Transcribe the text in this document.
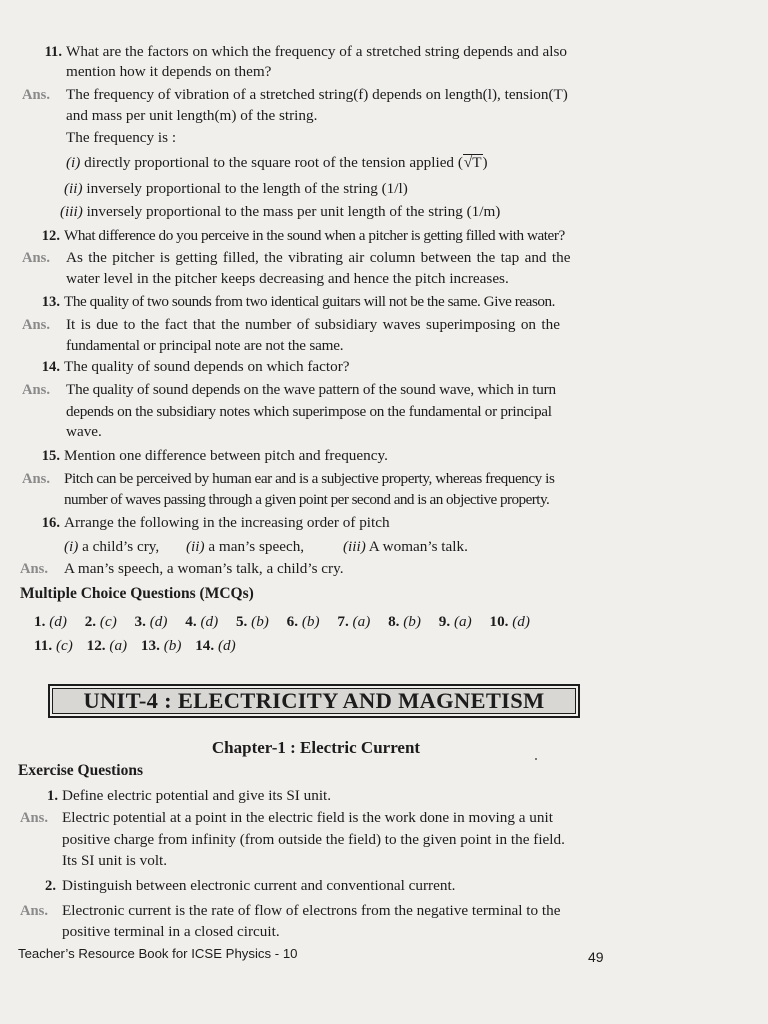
11. What are the factors on which the frequency of a stretched string depends and also
mention how it depends on them?
Ans.	The frequency of vibration of a stretched string(f) depends on length(l), tension(T)
and mass per unit length(m) of the string.
The frequency is :
(i) directly proportional to the square root of the tension applied (√T)
(ii) inversely proportional to the length of the string (1/l)
(iii) inversely proportional to the mass per unit length of the string (1/m)
12. What difference do you perceive in the sound when a pitcher is getting filled with water?
Ans.	As the pitcher is getting filled, the vibrating air column between the tap and the
water level in the pitcher keeps decreasing and hence the pitch increases.
13. The quality of two sounds from two identical guitars will not be the same. Give reason.
Ans.	It is due to the fact that the number of subsidiary waves superimposing on the
fundamental or principal note are not the same.
14. The quality of sound depends on which factor?
Ans.	The quality of sound depends on the wave pattern of the sound wave, which in turn
depends on the subsidiary notes which superimpose on the fundamental or principal
wave.
15. Mention one difference between pitch and frequency.
Ans. Pitch can be perceived by human ear and is a subjective property, whereas frequency is
number of waves passing through a given point per second and is an objective property.
16. Arrange the following in the increasing order of pitch
(i) a child’s cry, (ii) a man’s speech,	(iii) A woman’s talk.
Ans.	A man’s speech, a woman’s talk, a child’s cry.
Multiple Choice Questions (MCQs)
1. (d) 2. (c) 3. (d) 4. (d) 5. (b) 6. (b) 7. (a) 8. (b) 9. (a) 10. (d)
11. (c) 12. (a) 13. (b) 14. (d)
UNIT-4 : ELECTRICITY AND MAGNETISM
Chapter-1 : Electric Current
Exercise Questions
1. Define electric potential and give its SI unit.
Ans. Electric potential at a point in the electric field is the work done in moving a unit
positive charge from infinity (from outside the field) to the given point in the field.
Its SI unit is volt.
2. Distinguish between electronic current and conventional current.
Ans. Electronic current is the rate of flow of electrons from the negative terminal to the
positive terminal in a closed circuit.
Teacher’s Resource Book for ICSE Physics - 10	49
